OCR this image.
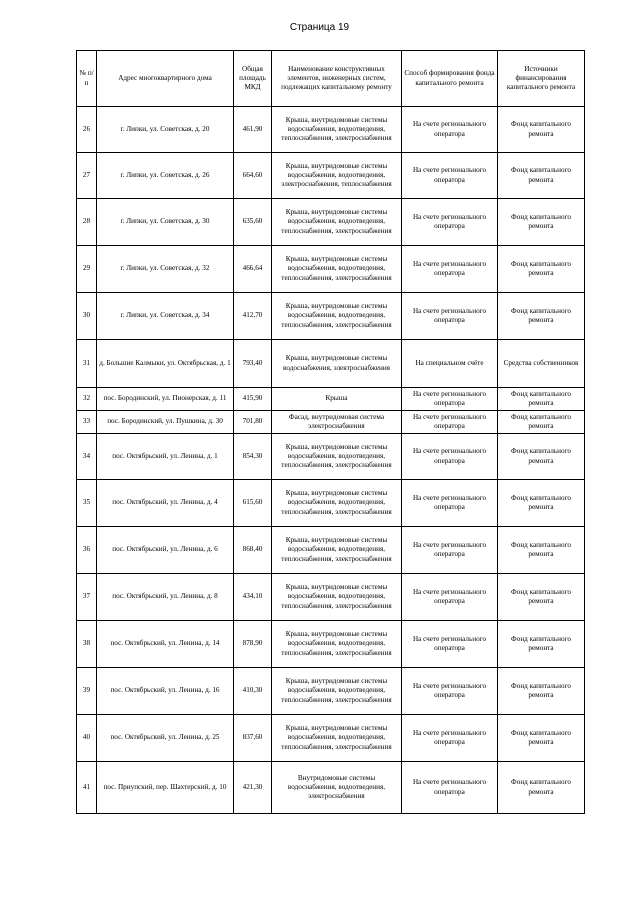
Страница 19
№ п/п	Адрес многоквартирного дома	Общая площадь МКД	Наименование конструктивных элементов, инженерных систем, подлежащих капитальному ремонту	Способ формирования фонда капитального ремонта	Источники финансирования капитального ремонта
26	г. Липки, ул. Советская, д. 20	461,90	Крыша, внутридомовые системы водоснабжения, водоотведения, теплоснабжения, электроснабжения	На счете регионального оператора	Фонд капитального ремонта
27	г. Липки, ул. Советская, д. 26	664,60	Крыша, внутридомовые системы водоснабжения, водоотведения, электроснабжения, теплоснабжения	На счете регионального оператора	Фонд капитального ремонта
28	г. Липки, ул. Советская, д. 30	635,60	Крыша, внутридомовые системы водоснабжения, водоотведения, теплоснабжения, электроснабжения	На счете регионального оператора	Фонд капитального ремонта
29	г. Липки, ул. Советская, д. 32	466,64	Крыша, внутридомовые системы водоснабжения, водоотведения, теплоснабжения, электроснабжения	На счете регионального оператора	Фонд капитального ремонта
30	г. Липки, ул. Советская, д. 34	412,70	Крыша, внутридомовые системы водоснабжения, водоотведения, теплоснабжения, электроснабжения	На счете регионального оператора	Фонд капитального ремонта
31	д. Большие Калмыки, ул. Октябрьская, д. 1	793,40	Крыша, внутридомовые системы водоснабжения, электроснабжения	На специальном счёте	Средства собственников
32	пос. Бородинский, ул. Пионерская, д. 11	415,90	Крыша	На счете регионального оператора	Фонд капитального ремонта
33	пос. Бородинский, ул. Пушкина, д. 30	701,80	Фасад, внутридомовая система электроснабжения	На счете регионального оператора	Фонд капитального ремонта
34	пос. Октябрьский, ул. Ленина, д. 1	854,30	Крыша, внутридомовые системы водоснабжения, водоотведения, теплоснабжения, электроснабжения	На счете регионального оператора	Фонд капитального ремонта
35	пос. Октябрьский, ул. Ленина, д. 4	615,60	Крыша, внутридомовые системы водоснабжения, водоотведения, теплоснабжения, электроснабжения	На счете регионального оператора	Фонд капитального ремонта
36	пос. Октябрьский, ул. Ленина, д. 6	868,40	Крыша, внутридомовые системы водоснабжения, водоотведения, теплоснабжения, электроснабжения	На счете регионального оператора	Фонд капитального ремонта
37	пос. Октябрьский, ул. Ленина, д. 8	434,10	Крыша, внутридомовые системы водоснабжения, водоотведения, теплоснабжения, электроснабжения	На счете регионального оператора	Фонд капитального ремонта
38	пос. Октябрьский, ул. Ленина, д. 14	878,90	Крыша, внутридомовые системы водоснабжения, водоотведения, теплоснабжения, электроснабжения	На счете регионального оператора	Фонд капитального ремонта
39	пос. Октябрьский, ул. Ленина, д. 16	410,30	Крыша, внутридомовые системы водоснабжения, водоотведения, теплоснабжения, электроснабжения	На счете регионального оператора	Фонд капитального ремонта
40	пос. Октябрьский, ул. Ленина, д. 25	837,60	Крыша, внутридомовые системы водоснабжения, водоотведения, теплоснабжения, электроснабжения	На счете регионального оператора	Фонд капитального ремонта
41	пос. Приупский, пер. Шахтерский, д. 10	421,30	Внутридомовые системы водоснабжения, водоотведения, электроснабжения	На счете регионального оператора	Фонд капитального ремонта
